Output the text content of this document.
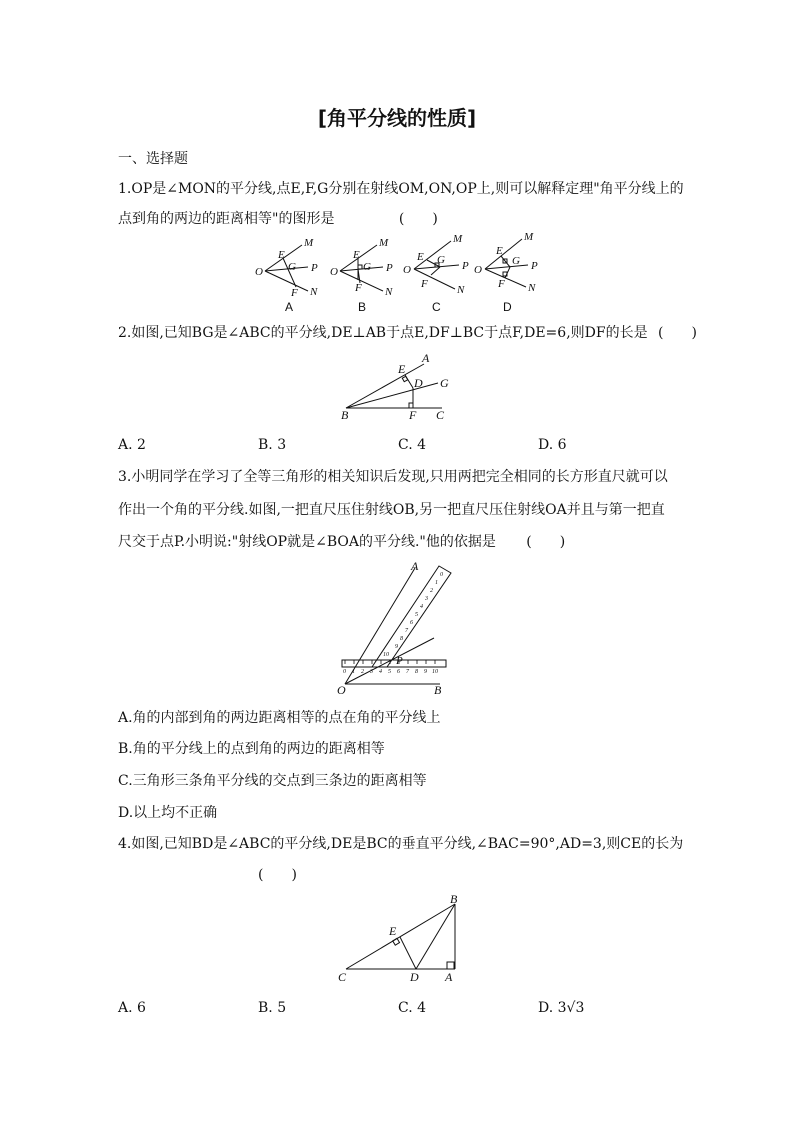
[角平分线的性质]
一、选择题
1.OP是∠MON的平分线,点E,F,G分别在射线OM,ON,OP上,则可以解释定理"角平分线上的
点到角的两边的距离相等"的图形是	(　　)
M
E
G P
O
F N
A
M
E
G P
O
F N
B
M
E G P
O
F	N
C
M
E
G P
O
F N
D
2.如图,已知BG是∠ABC的平分线,DE⊥AB于点E,DF⊥BC于点F,DE=6,则DF的长是 (　　)
A
E
D G
B	F C
A. 2	B. 3	C. 4	D. 6
3.小明同学在学习了全等三角形的相关知识后发现,只用两把完全相同的长方形直尺就可以
作出一个角的平分线.如图,一把直尺压住射线OB,另一把直尺压住射线OA并且与第一把直
尺交于点P.小明说:"射线OP就是∠BOA的平分线."他的依据是 (　　)
0 1 2 3 4 5 6 7 8 9 10
0
1
2
3
4
5
6
7
8
9
10
A
O	B
P
A.角的内部到角的两边距离相等的点在角的平分线上
B.角的平分线上的点到角的两边的距离相等
C.三角形三条角平分线的交点到三条边的距离相等
D.以上均不正确
4.如图,已知BD是∠ABC的平分线,DE是BC的垂直平分线,∠BAC=90°,AD=3,则CE的长为
(　　)
B
E
C	D A
A. 6	B. 5	C. 4	D. 3√3
